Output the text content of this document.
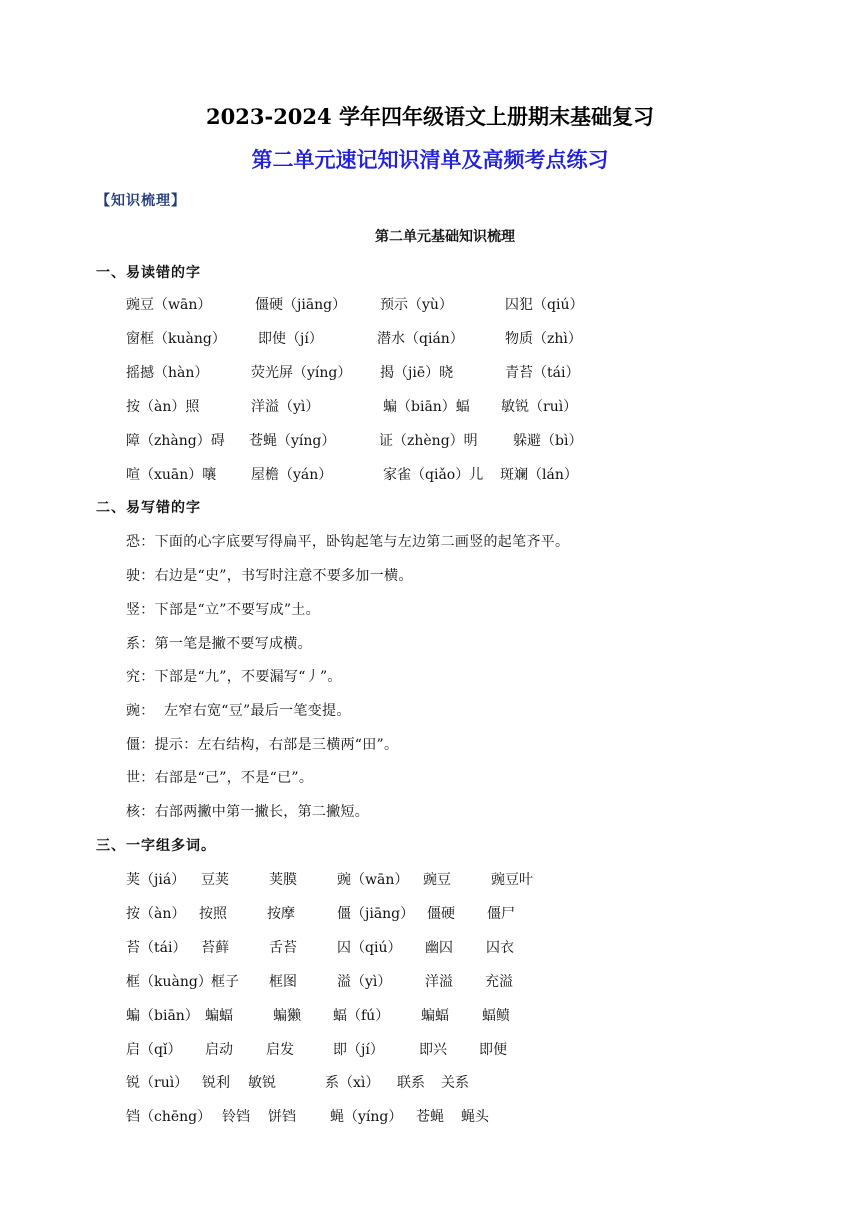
2023-2024 学年四年级语文上册期末基础复习
第二单元速记知识清单及高频考点练习
【知识梳理】
第二单元基础知识梳理
一、易读错的字
豌豆（wān）	僵硬（jiāng） 预示（yù）	囚犯（qiú）
窗框（kuàng） 即使（jí）	潜水（qián）	物质（zhì）
摇撼（hàn）	荧光屏（yíng） 揭（jiē）晓	青苔（tái）
按（àn）照	洋溢（yì）	蝙（biān）蝠 敏锐（ruì）
障（zhàng）碍 苍蝇（yíng）	证（zhèng）明	躲避（bì）
喧（xuān）嚷 屋檐（yán）	家雀（qiǎo）儿 斑斓（lán）
二、易写错的字
恐：下面的心字底要写得扁平，卧钩起笔与左边第二画竖的起笔齐平。
驶：右边是“史”，书写时注意不要多加一横。
竖：下部是“立”不要写成”土。
系：第一笔是撇不要写成横。
究：下部是“九”，不要漏写“丿”。
豌：  左窄右宽“豆”最后一笔变提。
僵：提示：左右结构，右部是三横两“田”。
世：右部是“己”，不是“已”。
核：右部两撇中第一撇长，第二撇短。
三、一字组多词。
荚（jiá） 豆荚	荚膜	豌（wān） 豌豆	豌豆叶
按（àn） 按照	按摩	僵（jiāng） 僵硬 僵尸
苔（tái） 苔藓	舌苔	囚（qiú） 幽囚 囚衣
框（kuàng） 框子 框图	溢（yì） 洋溢 充溢
蝙（biān） 蝙蝠	蝙獭 蝠（fú） 蝙蝠 蝠鲼
启（qǐ） 启动 启发	即（jí）	即兴 即便
锐（ruì） 锐利 敏锐	系（xì） 联系 关系
铛（chēng） 铃铛 饼铛 蝇（yíng） 苍蝇 蝇头
